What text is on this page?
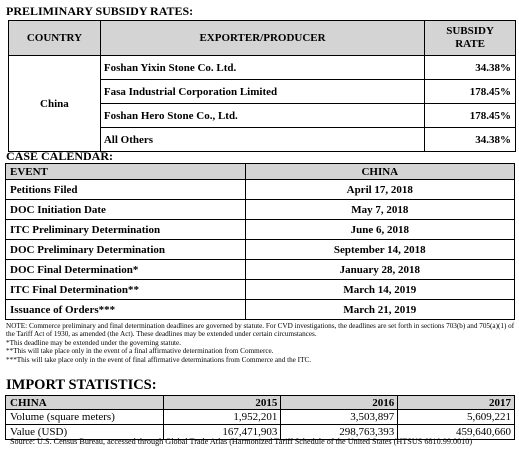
PRELIMINARY SUBSIDY RATES:
COUNTRY	EXPORTER/PRODUCER	SUBSIDY
RATE
China	Foshan Yixin Stone Co. Ltd.	34.38%
	Fasa Industrial Corporation Limited	178.45%
	Foshan Hero Stone Co., Ltd.	178.45%
	All Others	34.38%
CASE CALENDAR:
EVENT	CHINA
Petitions Filed	April 17, 2018
DOC Initiation Date	May 7, 2018
ITC Preliminary Determination	June 6, 2018
DOC Preliminary Determination	September 14, 2018
DOC Final Determination*	January 28, 2018
ITC Final Determination**	March 14, 2019
Issuance of Orders***	March 21, 2019

NOTE: Commerce preliminary and final determination deadlines are governed by statute. For CVD investigations, the deadlines are set forth in sections 703(b) and 705(a)(1) of the Tariff Act of 1930, as amended (the Act). These deadlines may be extended under certain circumstances.

*This deadline may be extended under the governing statute.

**This will take place only in the event of a final affirmative determination from Commerce.

***This will take place only in the event of final affirmative determinations from Commerce and the ITC.

IMPORT STATISTICS:
CHINA	2015	2016	2017
Volume (square meters)	1,952,201	3,503,897	5,609,221
Value (USD)	167,471,903	298,763,393	459,640,660

Source: U.S. Census Bureau, accessed through Global Trade Atlas (Harmonized Tariff Schedule of the United States (HTSUS 6810.99.0010)
